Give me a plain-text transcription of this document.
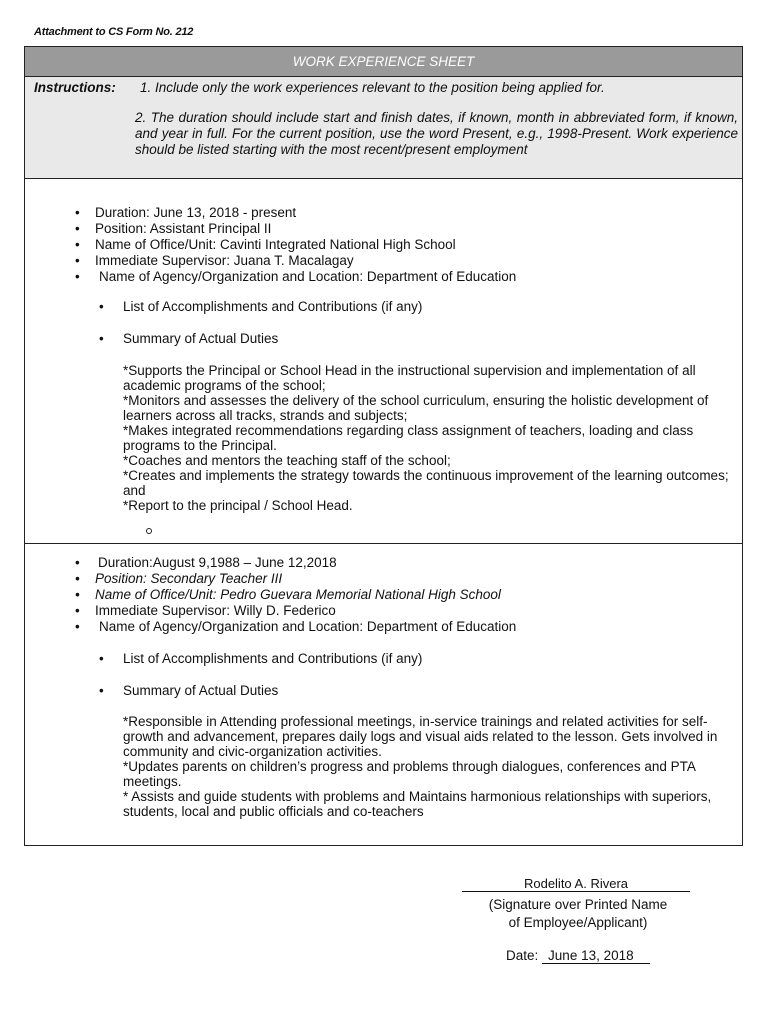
Attachment to CS Form No. 212
WORK EXPERIENCE SHEET
Instructions: 1. Include only the work experiences relevant to the position being applied for.
2. The duration should include start and finish dates, if known, month in abbreviated form, if known, and year in full. For the current position, use the word Present, e.g., 1998-Present. Work experience should be listed starting with the most recent/present employment
• Duration: June 13, 2018 - present
• Position: Assistant Principal II
• Name of Office/Unit: Cavinti Integrated National High School
• Immediate Supervisor: Juana T. Macalagay
• Name of Agency/Organization and Location: Department of Education
• List of Accomplishments and Contributions (if any)
• Summary of Actual Duties

*Supports the Principal or School Head in the instructional supervision and implementation of all academic programs of the school;

*Monitors and assesses the delivery of the school curriculum, ensuring the holistic development of learners across all tracks, strands and subjects;

*Makes integrated recommendations regarding class assignment of teachers, loading and class programs to the Principal.

*Coaches and mentors the teaching staff of the school;

*Creates and implements the strategy towards the continuous improvement of the learning outcomes; and

*Report to the principal / School Head.

• Duration:August 9,1988 – June 12,2018
• Position: Secondary Teacher III
• Name of Office/Unit: Pedro Guevara Memorial National High School
• Immediate Supervisor: Willy D. Federico
• Name of Agency/Organization and Location: Department of Education
• List of Accomplishments and Contributions (if any)
• Summary of Actual Duties

*Responsible in Attending professional meetings, in-service trainings and related activities for self-growth and advancement, prepares daily logs and visual aids related to the lesson. Gets involved in community and civic-organization activities.

*Updates parents on children’s progress and problems through dialogues, conferences and PTA meetings.

* Assists and guide students with problems and Maintains harmonious relationships with superiors, students, local and public officials and co-teachers

Rodelito A. Rivera
(Signature over Printed Name
of Employee/Applicant)
Date: June 13, 2018
